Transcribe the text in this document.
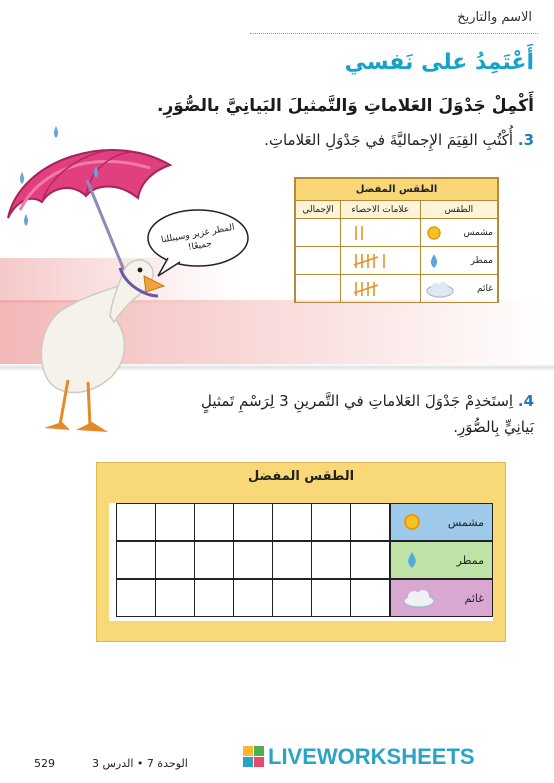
الاسم والتاريخ
أَعْتَمِدُ على نَفسي
أَكْمِلْ جَدْوَلَ العَلاماتِ وَالتَّمثيلَ البَيانِيَّ بالصُّوَرِ.
3. أُكْتُبِ القِيَمَ الإِجماليَّةَ في جَدْوَلِ العَلاماتِ.
المطر غزير وسيبللنا جميعًا!
الطقس المفضل		
الطقس	علامات الاحصاء	الإجمالي

مشمس

ممطر

غائم

4. اِستَخدِمْ جَدْوَلَ العَلاماتِ في التَّمرينِ 3 لِرَسْمِ تَمثيلٍ بَيانِيٍّ بِالصُّوَرِ.
الطقس المفضل
مشمس
ممطر
غائم
529	الوحدة 7 • الدرس 3	LIVEWORKSHEETS
